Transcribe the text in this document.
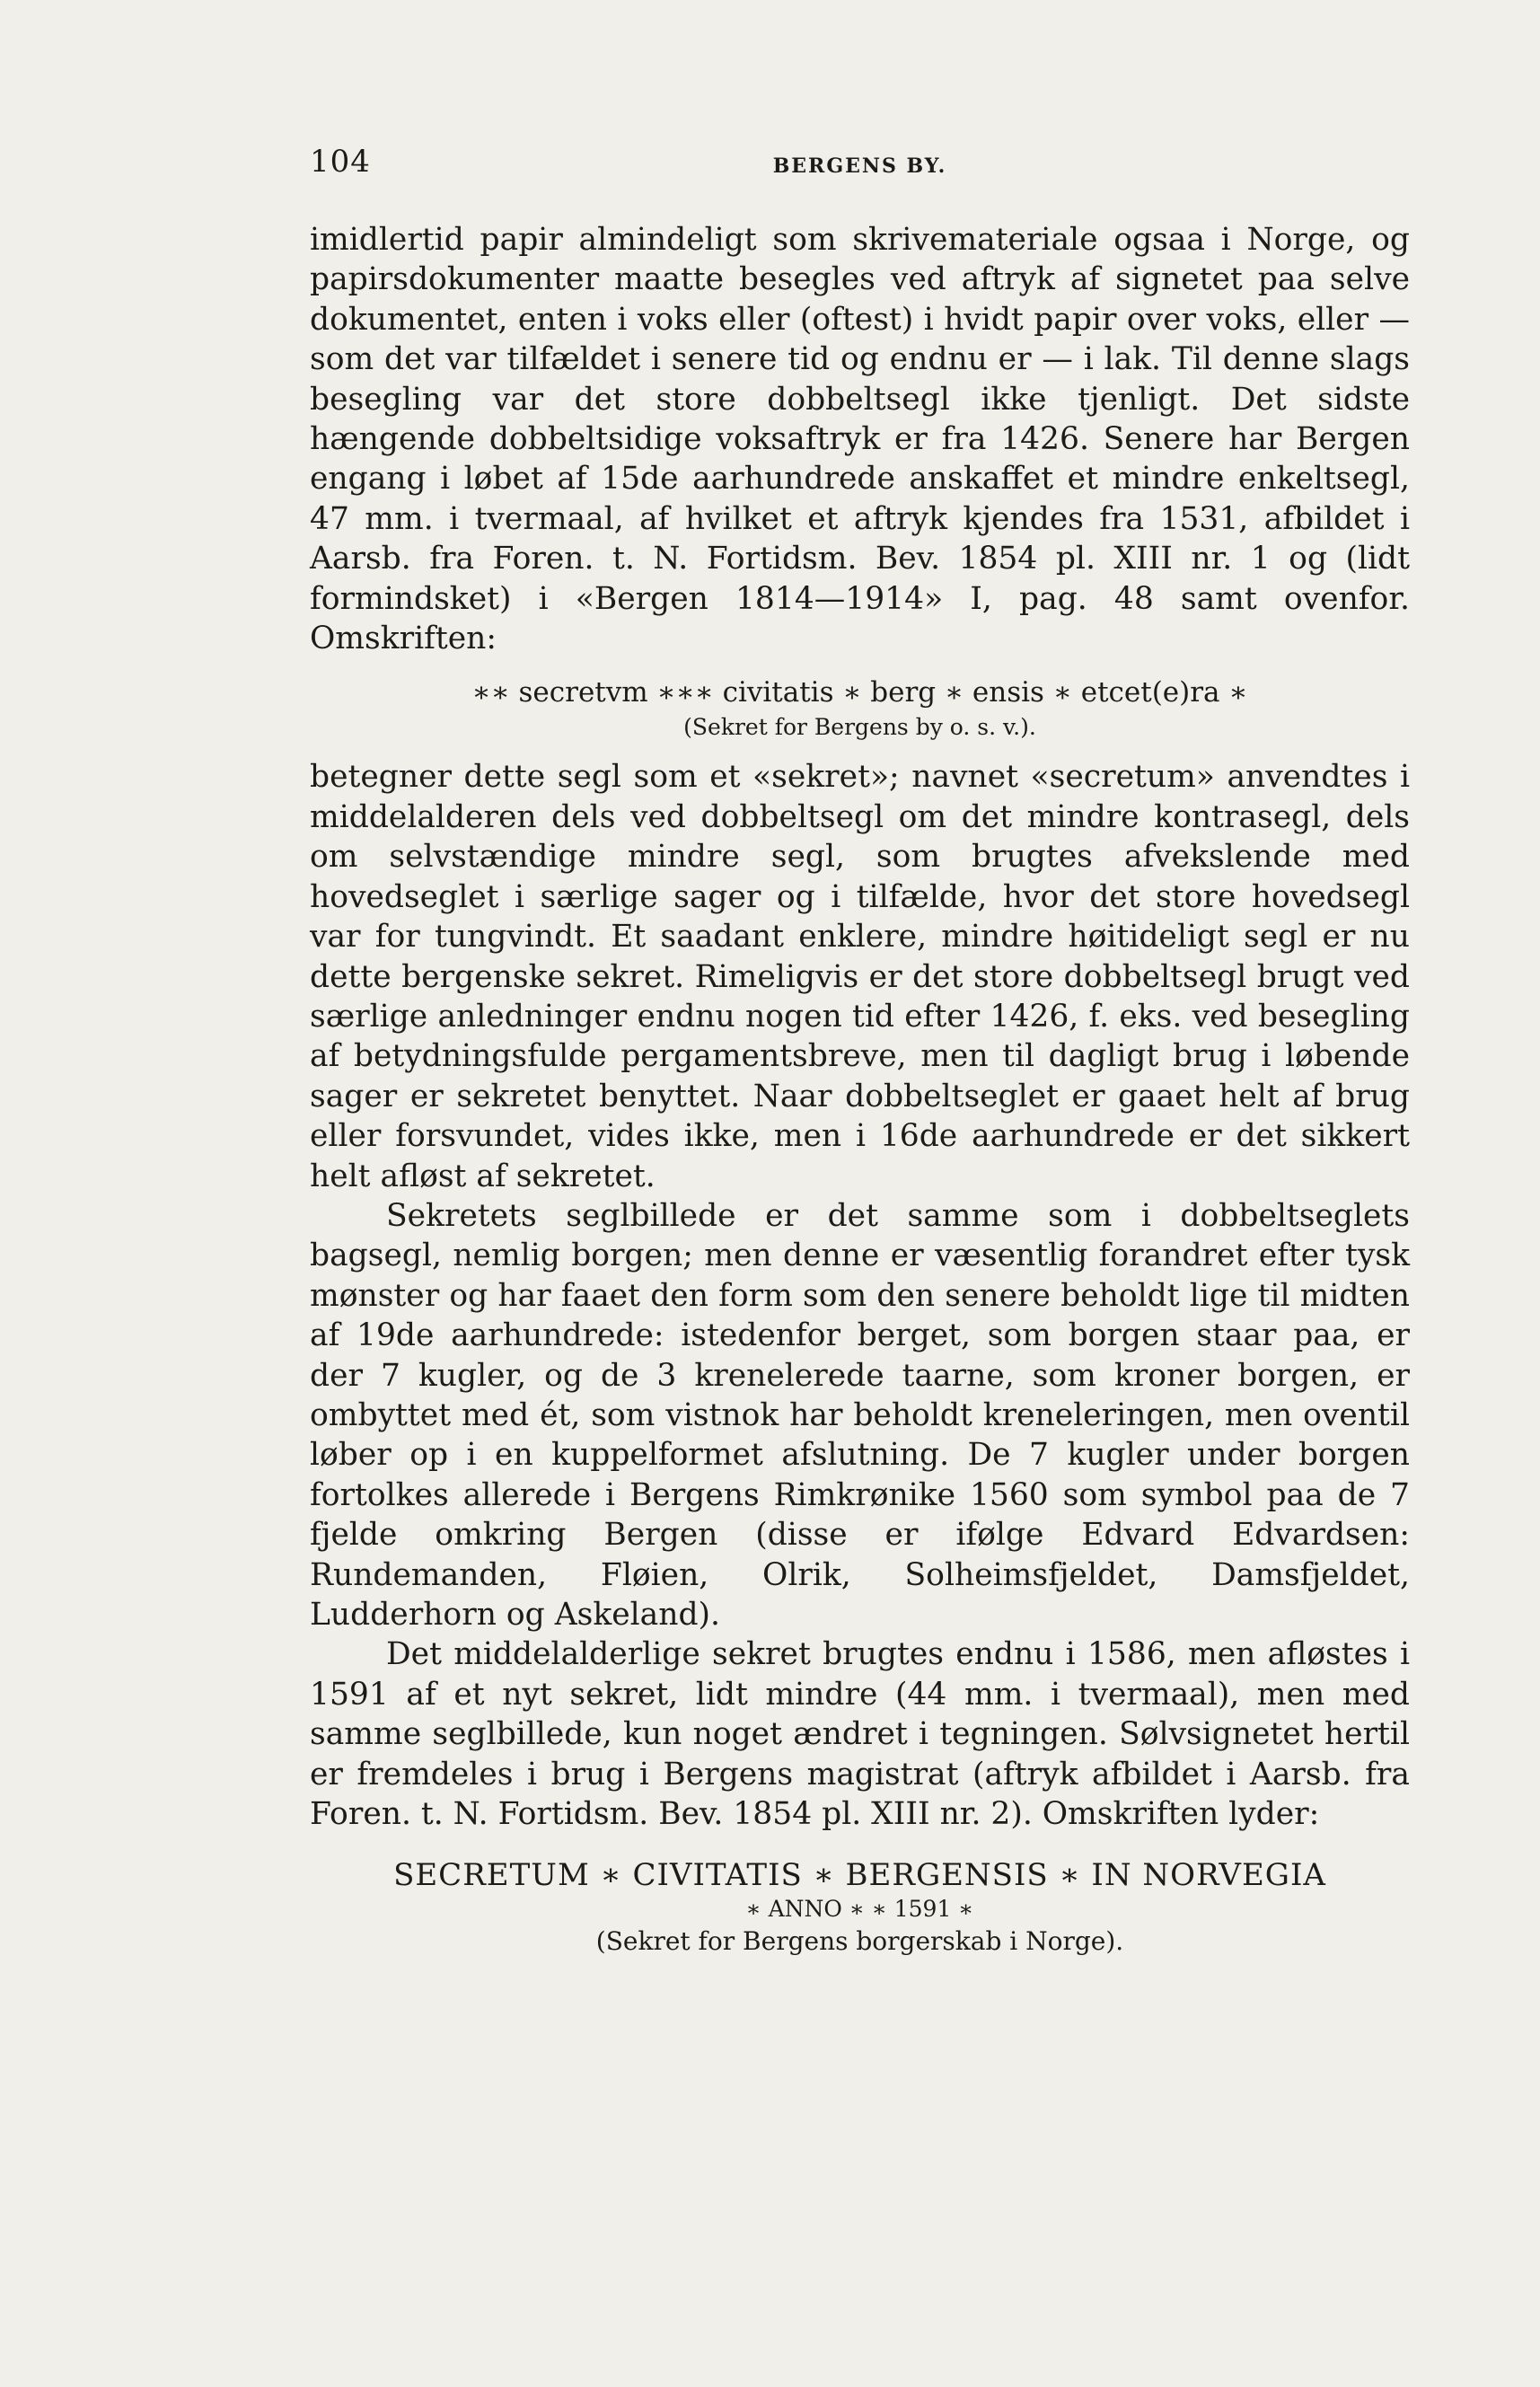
104	BERGENS BY.

imidlertid papir almindeligt som skrivemateriale ogsaa i Norge, og papirsdokumenter maatte besegles ved aftryk af signetet paa selve dokumentet, enten i voks eller (oftest) i hvidt papir over voks, eller — som det var tilfældet i senere tid og endnu er — i lak. Til denne slags besegling var det store dobbeltsegl ikke tjenligt. Det sidste hængende dobbeltsidige voksaftryk er fra 1426. Senere har Bergen engang i løbet af 15de aarhundrede anskaffet et mindre enkeltsegl, 47 mm. i tvermaal, af hvilket et aftryk kjendes fra 1531, afbildet i Aarsb. fra Foren. t. N. Fortidsm. Bev. 1854 pl. XIII nr. 1 og (lidt formindsket) i «Bergen 1814—1914» I, pag. 48 samt ovenfor. Omskriften:

∗∗ secretvm ∗∗∗ civitatis ∗ berg ∗ ensis ∗ etcet(e)ra ∗
(Sekret for Bergens by o. s. v.).

betegner dette segl som et «sekret»; navnet «secretum» anvendtes i middelalderen dels ved dobbeltsegl om det mindre kontrasegl, dels om selvstændige mindre segl, som brugtes afvekslende med hovedseglet i særlige sager og i tilfælde, hvor det store hovedsegl var for tungvindt. Et saadant enklere, mindre høitideligt segl er nu dette bergenske sekret. Rimeligvis er det store dobbeltsegl brugt ved særlige anledninger endnu nogen tid efter 1426, f. eks. ved besegling af betydningsfulde pergamentsbreve, men til dagligt brug i løbende sager er sekretet benyttet. Naar dobbeltseglet er gaaet helt af brug eller forsvundet, vides ikke, men i 16de aarhundrede er det sikkert helt afløst af sekretet.

Sekretets seglbillede er det samme som i dobbeltseglets bagsegl, nemlig borgen; men denne er væsentlig forandret efter tysk mønster og har faaet den form som den senere beholdt lige til midten af 19de aarhundrede: istedenfor berget, som borgen staar paa, er der 7 kugler, og de 3 krenelerede taarne, som kroner borgen, er ombyttet med ét, som vistnok har beholdt kreneleringen, men oventil løber op i en kuppelformet afslutning. De 7 kugler under borgen fortolkes allerede i Bergens Rimkrønike 1560 som symbol paa de 7 fjelde omkring Bergen (disse er ifølge Edvard Edvardsen: Rundemanden, Fløien, Olrik, Solheimsfjeldet, Damsfjeldet, Ludderhorn og Askeland).

Det middelalderlige sekret brugtes endnu i 1586, men afløstes i 1591 af et nyt sekret, lidt mindre (44 mm. i tvermaal), men med samme seglbillede, kun noget ændret i tegningen. Sølvsignetet hertil er fremdeles i brug i Bergens magistrat (aftryk afbildet i Aarsb. fra Foren. t. N. Fortidsm. Bev. 1854 pl. XIII nr. 2). Omskriften lyder:

SECRETUM ∗ CIVITATIS ∗ BERGENSIS ∗ IN NORVEGIA
∗ ANNO ∗ ∗ 1591 ∗
(Sekret for Bergens borgerskab i Norge).
